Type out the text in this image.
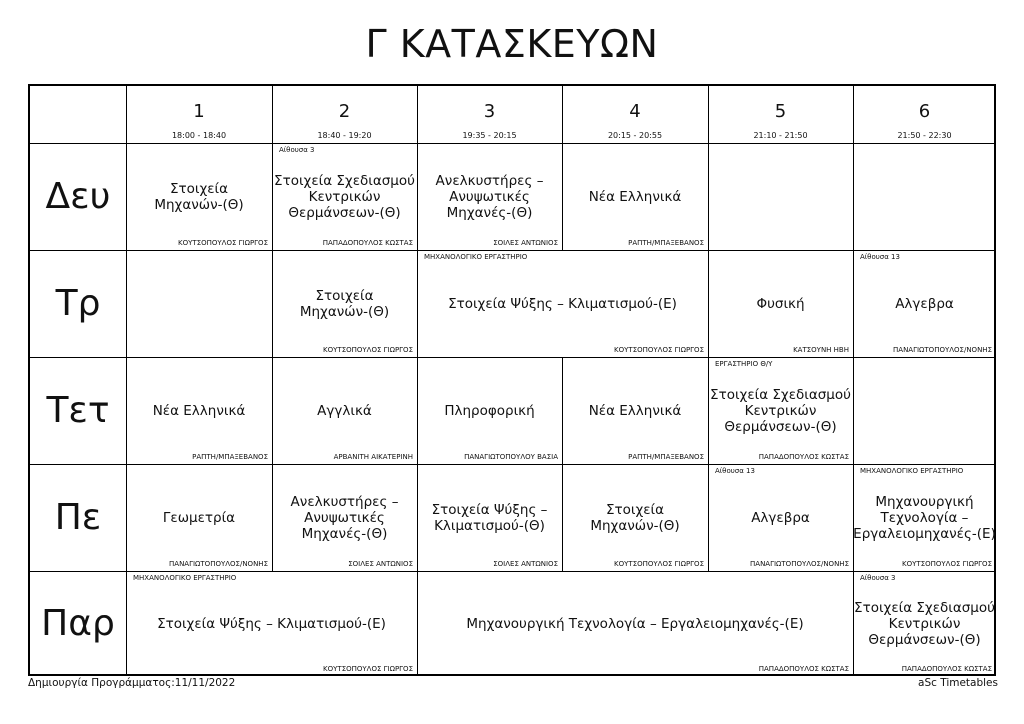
Γ ΚΑΤΑΣΚΕΥΩΝ
1
18:00 - 18:40
2
18:40 - 19:20
3
19:35 - 20:15
4
20:15 - 20:55
5
21:10 - 21:50
6
21:50 - 22:30
Δευ
Τρ
Τετ
Πε
Παρ
Στοιχεία
Μηχανών-(Θ)
ΚΟΥΤΣΟΠΟΥΛΟΣ ΓΙΩΡΓΟΣ
Αίθουσα 3
Στοιχεία Σχεδιασμού
Κεντρικών
Θερμάνσεων-(Θ)
ΠΑΠΑΔΟΠΟΥΛΟΣ ΚΩΣΤΑΣ
Ανελκυστήρες –
Ανυψωτικές
Μηχανές-(Θ)
ΣΟΙΛΕΣ ΑΝΤΩΝΙΟΣ
Νέα Ελληνικά
ΡΑΠΤΗ/ΜΠΑΞΕΒΑΝΟΣ
Στοιχεία
Μηχανών-(Θ)
ΚΟΥΤΣΟΠΟΥΛΟΣ ΓΙΩΡΓΟΣ
ΜΗΧΑΝΟΛΟΓΙΚΟ ΕΡΓΑΣΤΗΡΙΟ
Στοιχεία Ψύξης – Κλιματισμού-(Ε)
ΚΟΥΤΣΟΠΟΥΛΟΣ ΓΙΩΡΓΟΣ
Φυσική
ΚΑΤΣΟΥΝΗ ΗΒΗ
Αίθουσα 13
Αλγεβρα
ΠΑΝΑΓΙΩΤΟΠΟΥΛΟΣ/ΝΟΝΗΣ
Νέα Ελληνικά
ΡΑΠΤΗ/ΜΠΑΞΕΒΑΝΟΣ
Αγγλικά
ΑΡΒΑΝΙΤΗ ΑΙΚΑΤΕΡΙΝΗ
Πληροφορική
ΠΑΝΑΓΙΩΤΟΠΟΥΛΟΥ ΒΑΣΙΑ
Νέα Ελληνικά
ΡΑΠΤΗ/ΜΠΑΞΕΒΑΝΟΣ
ΕΡΓΑΣΤΗΡΙΟ Θ/Υ
Στοιχεία Σχεδιασμού
Κεντρικών
Θερμάνσεων-(Θ)
ΠΑΠΑΔΟΠΟΥΛΟΣ ΚΩΣΤΑΣ
Γεωμετρία
ΠΑΝΑΓΙΩΤΟΠΟΥΛΟΣ/ΝΟΝΗΣ
Ανελκυστήρες –
Ανυψωτικές
Μηχανές-(Θ)
ΣΟΙΛΕΣ ΑΝΤΩΝΙΟΣ
Στοιχεία Ψύξης –
Κλιματισμού-(Θ)
ΣΟΙΛΕΣ ΑΝΤΩΝΙΟΣ
Στοιχεία
Μηχανών-(Θ)
ΚΟΥΤΣΟΠΟΥΛΟΣ ΓΙΩΡΓΟΣ
Αίθουσα 13
Αλγεβρα
ΠΑΝΑΓΙΩΤΟΠΟΥΛΟΣ/ΝΟΝΗΣ
ΜΗΧΑΝΟΛΟΓΙΚΟ ΕΡΓΑΣΤΗΡΙΟ
Μηχανουργική
Τεχνολογία –
Εργαλειομηχανές-(Ε)
ΚΟΥΤΣΟΠΟΥΛΟΣ ΓΙΩΡΓΟΣ
ΜΗΧΑΝΟΛΟΓΙΚΟ ΕΡΓΑΣΤΗΡΙΟ
Στοιχεία Ψύξης – Κλιματισμού-(Ε)
ΚΟΥΤΣΟΠΟΥΛΟΣ ΓΙΩΡΓΟΣ
Μηχανουργική Τεχνολογία – Εργαλειομηχανές-(Ε)
ΠΑΠΑΔΟΠΟΥΛΟΣ ΚΩΣΤΑΣ
Αίθουσα 3
Στοιχεία Σχεδιασμού
Κεντρικών
Θερμάνσεων-(Θ)
ΠΑΠΑΔΟΠΟΥΛΟΣ ΚΩΣΤΑΣ
Δημιουργία Προγράμματος:11/11/2022	aSc Timetables
